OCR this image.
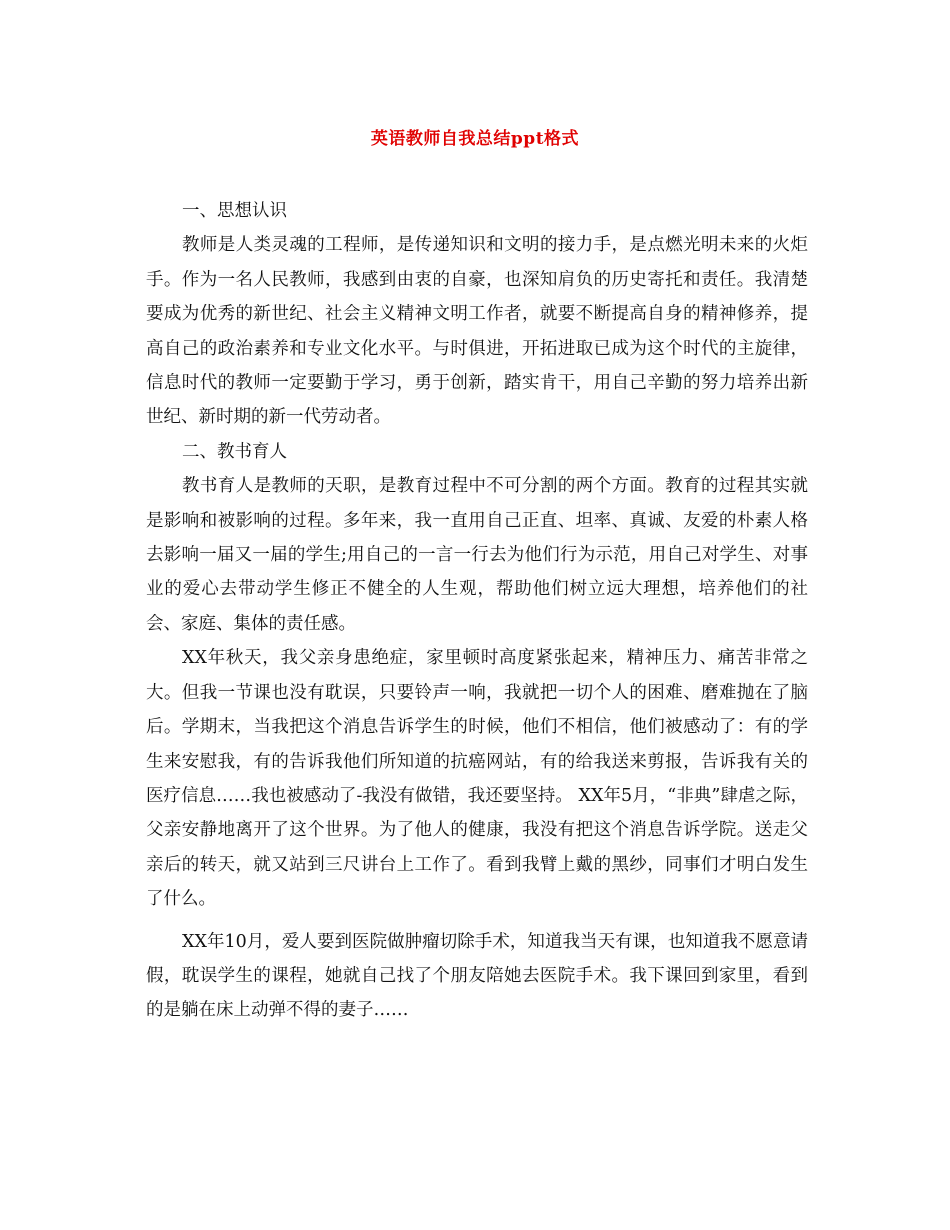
英语教师自我总结ppt格式

一、思想认识

教师是人类灵魂的工程师，是传递知识和文明的接力手，是点燃光明未来的火炬手。作为一名人民教师，我感到由衷的自豪，也深知肩负的历史寄托和责任。我清楚要成为优秀的新世纪、社会主义精神文明工作者，就要不断提高自身的精神修养，提高自己的政治素养和专业文化水平。与时俱进，开拓进取已成为这个时代的主旋律，信息时代的教师一定要勤于学习，勇于创新，踏实肯干，用自己辛勤的努力培养出新世纪、新时期的新一代劳动者。

二、教书育人

教书育人是教师的天职，是教育过程中不可分割的两个方面。教育的过程其实就是影响和被影响的过程。多年来，我一直用自己正直、坦率、真诚、友爱的朴素人格去影响一届又一届的学生;用自己的一言一行去为他们行为示范，用自己对学生、对事业的爱心去带动学生修正不健全的人生观，帮助他们树立远大理想，培养他们的社会、家庭、集体的责任感。

XX年秋天，我父亲身患绝症，家里顿时高度紧张起来，精神压力、痛苦非常之大。但我一节课也没有耽误，只要铃声一响，我就把一切个人的困难、磨难抛在了脑后。学期末，当我把这个消息告诉学生的时候，他们不相信，他们被感动了：有的学生来安慰我，有的告诉我他们所知道的抗癌网站，有的给我送来剪报，告诉我有关的医疗信息……我也被感动了-我没有做错，我还要坚持。 XX年5月，“非典”肆虐之际，父亲安静地离开了这个世界。为了他人的健康，我没有把这个消息告诉学院。送走父亲后的转天，就又站到三尺讲台上工作了。看到我臂上戴的黑纱，同事们才明白发生了什么。

XX年10月，爱人要到医院做肿瘤切除手术，知道我当天有课，也知道我不愿意请假，耽误学生的课程，她就自己找了个朋友陪她去医院手术。我下课回到家里，看到的是躺在床上动弹不得的妻子……
